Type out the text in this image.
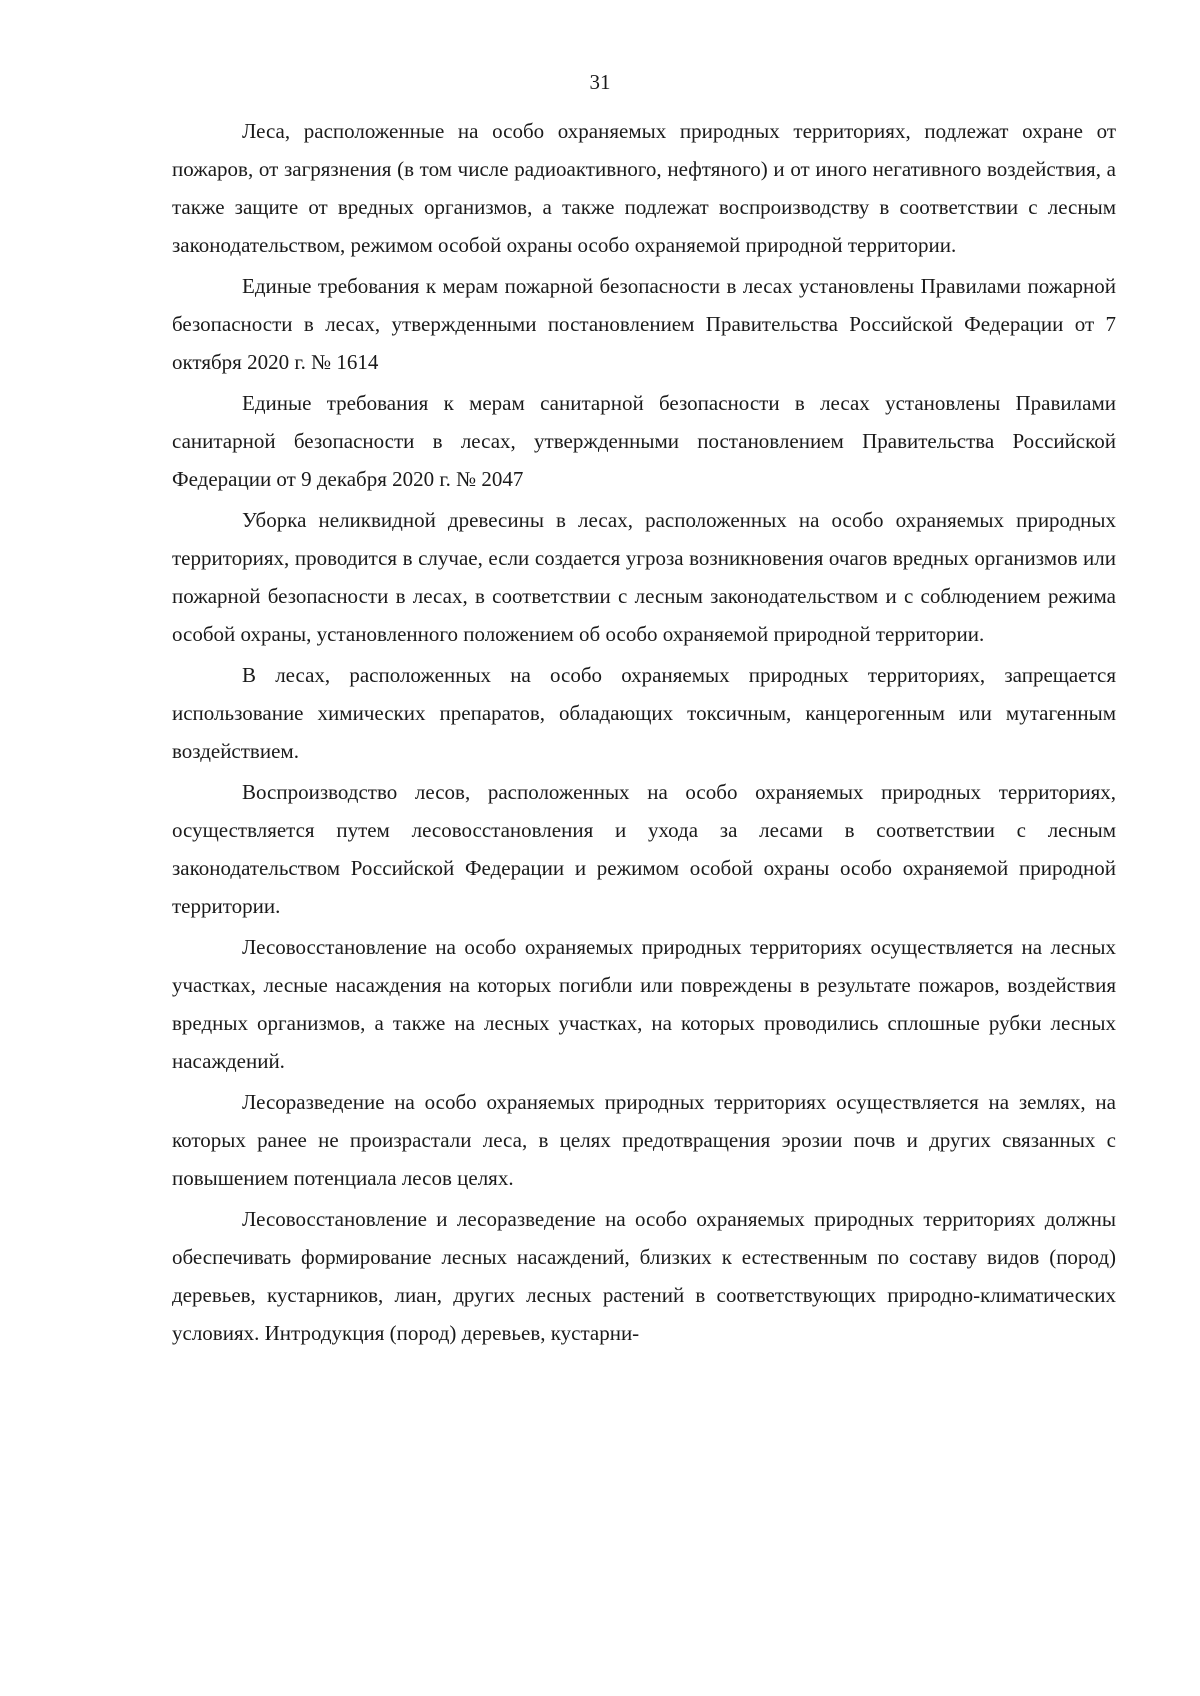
31

Леса, расположенные на особо охраняемых природных территориях, подлежат охране от пожаров, от загрязнения (в том числе радиоактивного, нефтяного) и от иного негативного воздействия, а также защите от вредных организмов, а также подлежат воспроизводству в соответствии с лесным законодательством, режимом особой охраны особо охраняемой природной территории.

Единые требования к мерам пожарной безопасности в лесах установлены Правилами пожарной безопасности в лесах, утвержденными постановлением Правительства Российской Федерации от 7 октября 2020 г. № 1614

Единые требования к мерам санитарной безопасности в лесах установлены Правилами санитарной безопасности в лесах, утвержденными постановлением Правительства Российской Федерации от 9 декабря 2020 г. № 2047

Уборка неликвидной древесины в лесах, расположенных на особо охраняемых природных территориях, проводится в случае, если создается угроза возникновения очагов вредных организмов или пожарной безопасности в лесах, в соответствии с лесным законодательством и с соблюдением режима особой охраны, установленного положением об особо охраняемой природной территории.

В лесах, расположенных на особо охраняемых природных территориях, запрещается использование химических препаратов, обладающих токсичным, канцерогенным или мутагенным воздействием.

Воспроизводство лесов, расположенных на особо охраняемых природных территориях, осуществляется путем лесовосстановления и ухода за лесами в соответствии с лесным законодательством Российской Федерации и режимом особой охраны особо охраняемой природной территории.

Лесовосстановление на особо охраняемых природных территориях осуществляется на лесных участках, лесные насаждения на которых погибли или повреждены в результате пожаров, воздействия вредных организмов, а также на лесных участках, на которых проводились сплошные рубки лесных насаждений.

Лесоразведение на особо охраняемых природных территориях осуществляется на землях, на которых ранее не произрастали леса, в целях предотвращения эрозии почв и других связанных с повышением потенциала лесов целях.

Лесовосстановление и лесоразведение на особо охраняемых природных территориях должны обеспечивать формирование лесных насаждений, близких к естественным по составу видов (пород) деревьев, кустарников, лиан, других лесных растений в соответствующих природно-климатических условиях. Интродукция (пород) деревьев, кустарни-
